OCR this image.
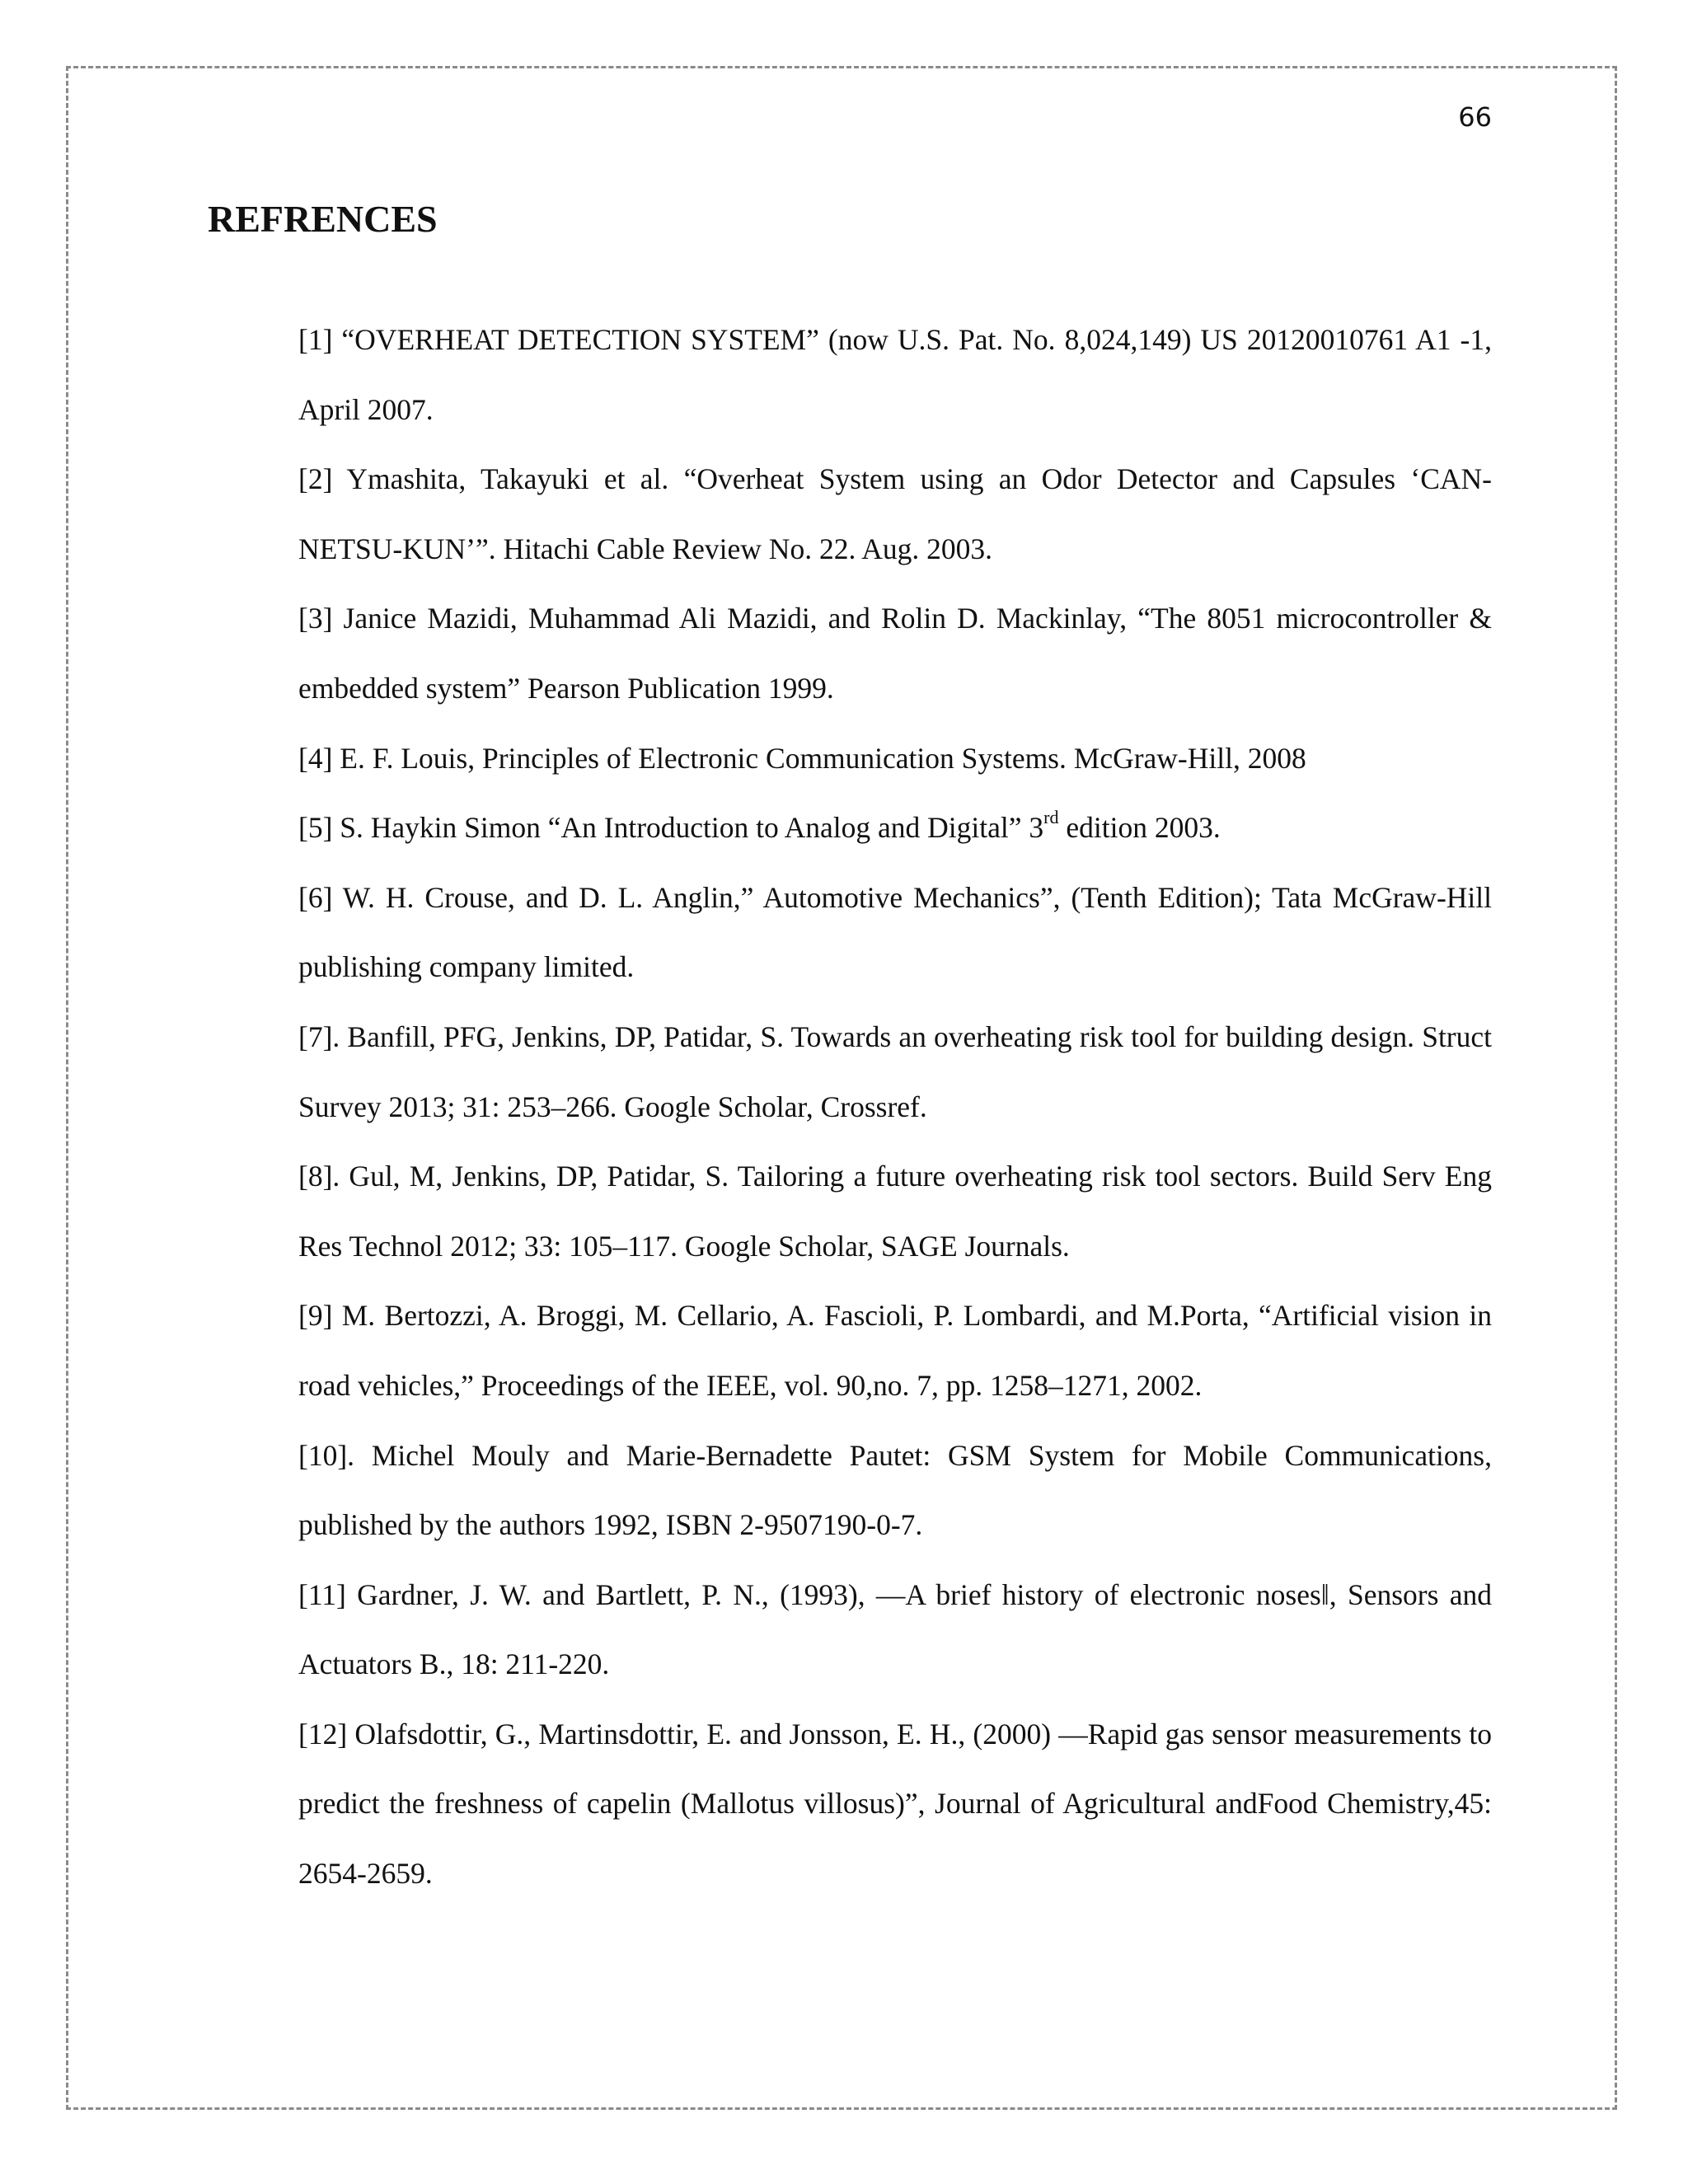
66
REFRENCES
[1] “OVERHEAT DETECTION SYSTEM” (now U.S. Pat. No. 8,024,149) US 20120010761 A1 -1, April 2007.
[2] Ymashita, Takayuki et al. “Overheat System using an Odor Detector and Capsules ‘CAN-NETSU-KUN’”. Hitachi Cable Review No. 22. Aug. 2003.
[3] Janice Mazidi, Muhammad Ali Mazidi, and Rolin D. Mackinlay, “The 8051 microcontroller & embedded system” Pearson Publication 1999.
[4] E. F. Louis, Principles of Electronic Communication Systems. McGraw-Hill, 2008
[5] S. Haykin Simon “An Introduction to Analog and Digital” 3rd edition 2003.
[6] W. H. Crouse, and D. L. Anglin,” Automotive Mechanics”, (Tenth Edition); Tata McGraw-Hill publishing company limited.
[7]. Banfill, PFG, Jenkins, DP, Patidar, S. Towards an overheating risk tool for building design. Struct Survey 2013; 31: 253–266. Google Scholar, Crossref.
[8]. Gul, M, Jenkins, DP, Patidar, S. Tailoring a future overheating risk tool sectors. Build Serv Eng Res Technol 2012; 33: 105–117. Google Scholar, SAGE Journals.
[9] M. Bertozzi, A. Broggi, M. Cellario, A. Fascioli, P. Lombardi, and M.Porta, “Artificial vision in road vehicles,” Proceedings of the IEEE, vol. 90,no. 7, pp. 1258–1271, 2002.
[10]. Michel Mouly and Marie-Bernadette Pautet: GSM System for Mobile Communications, published by the authors 1992, ISBN 2-9507190-0-7.
[11] Gardner, J. W. and Bartlett, P. N., (1993), ―A brief history of electronic noses‖, Sensors and Actuators B., 18: 211-220.
[12] Olafsdottir, G., Martinsdottir, E. and Jonsson, E. H., (2000) ―Rapid gas sensor measurements to predict the freshness of capelin (Mallotus villosus)”, Journal of Agricultural andFood Chemistry,45: 2654-2659.
